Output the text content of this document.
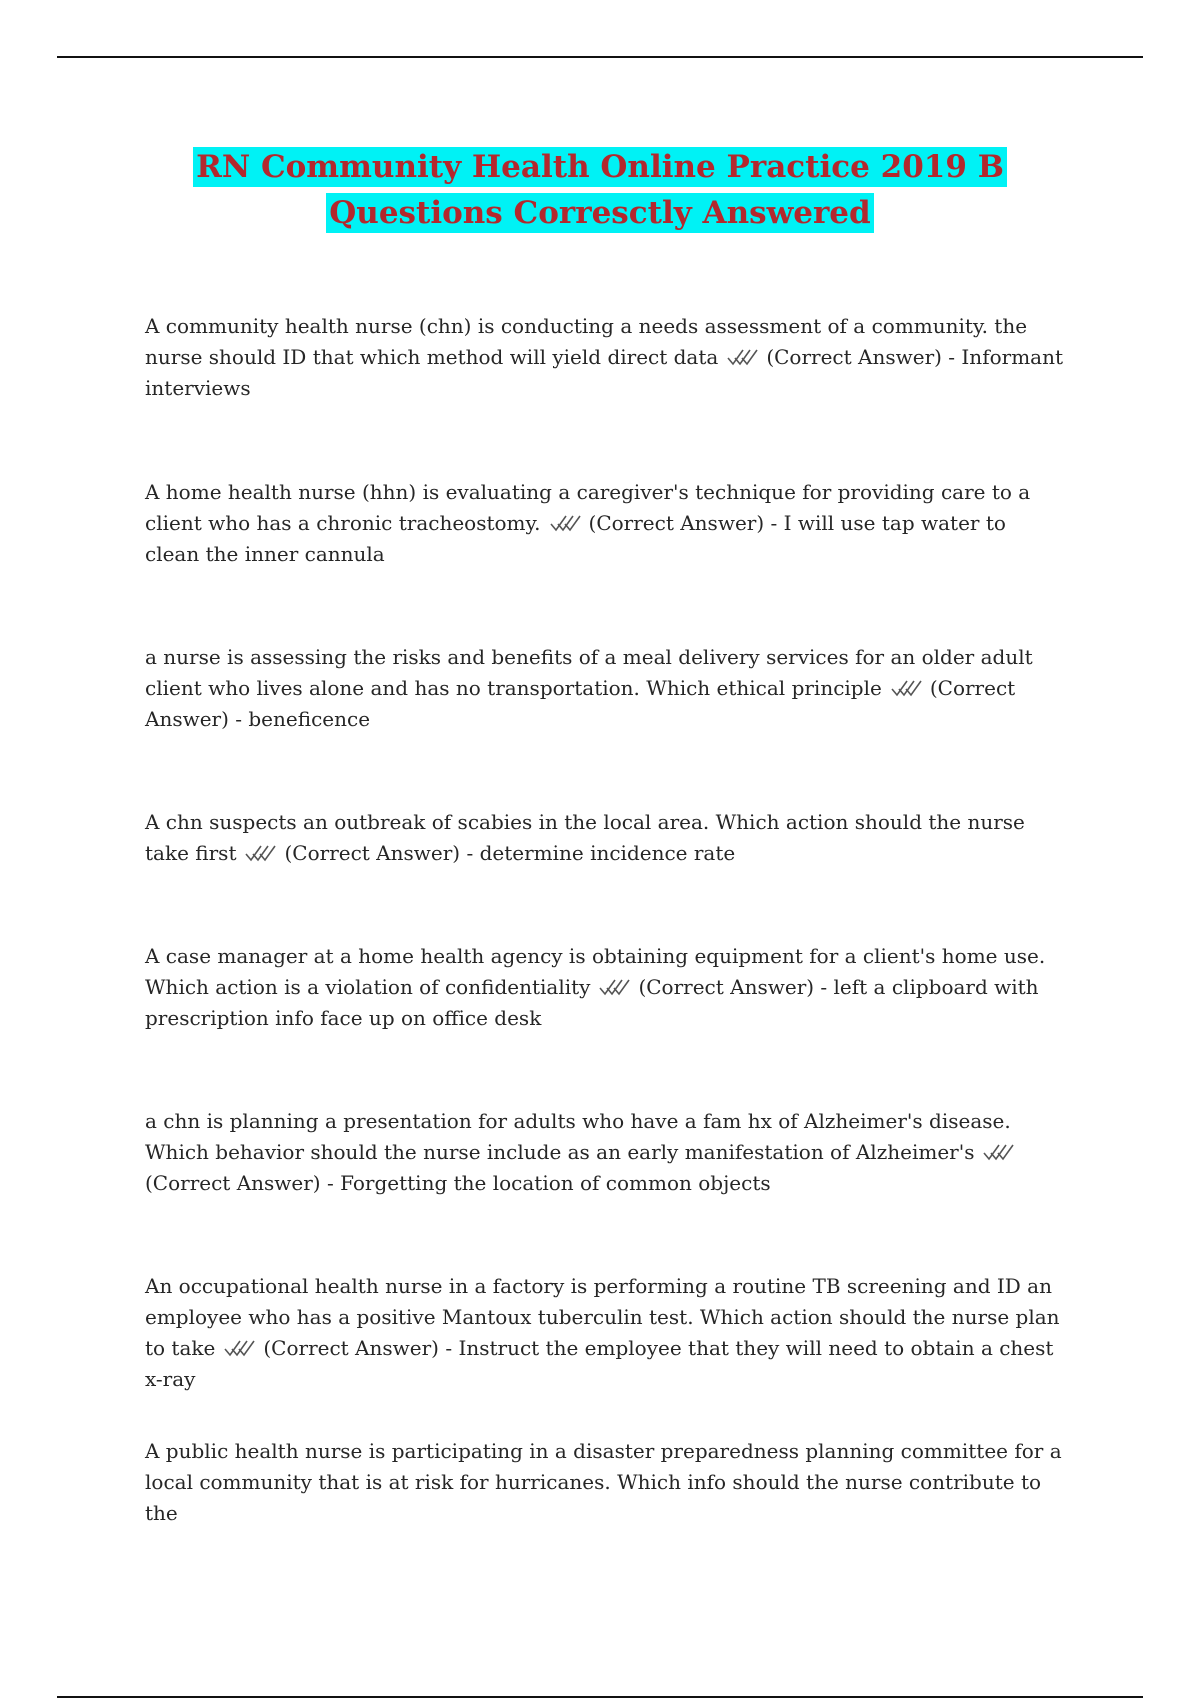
RN Community Health Online Practice 2019 B
Questions Corresctly Answered

A community health nurse (chn) is conducting a needs assessment of a community. the nurse should ID that which method will yield direct data (Correct Answer) - Informant interviews

A home health nurse (hhn) is evaluating a caregiver's technique for providing care to a client who has a chronic tracheostomy. (Correct Answer) - I will use tap water to clean the inner cannula

a nurse is assessing the risks and benefits of a meal delivery services for an older adult client who lives alone and has no transportation. Which ethical principle (Correct Answer) - beneficence

A chn suspects an outbreak of scabies in the local area. Which action should the nurse take first (Correct Answer) - determine incidence rate

A case manager at a home health agency is obtaining equipment for a client's home use. Which action is a violation of confidentiality (Correct Answer) - left a clipboard with prescription info face up on office desk

a chn is planning a presentation for adults who have a fam hx of Alzheimer's disease. Which behavior should the nurse include as an early manifestation of Alzheimer's
(Correct Answer) - Forgetting the location of common objects

An occupational health nurse in a factory is performing a routine TB screening and ID an employee who has a positive Mantoux tuberculin test. Which action should the nurse plan to take (Correct Answer) - Instruct the employee that they will need to obtain a chest x-ray

A public health nurse is participating in a disaster preparedness planning committee for a local community that is at risk for hurricanes. Which info should the nurse contribute to the
